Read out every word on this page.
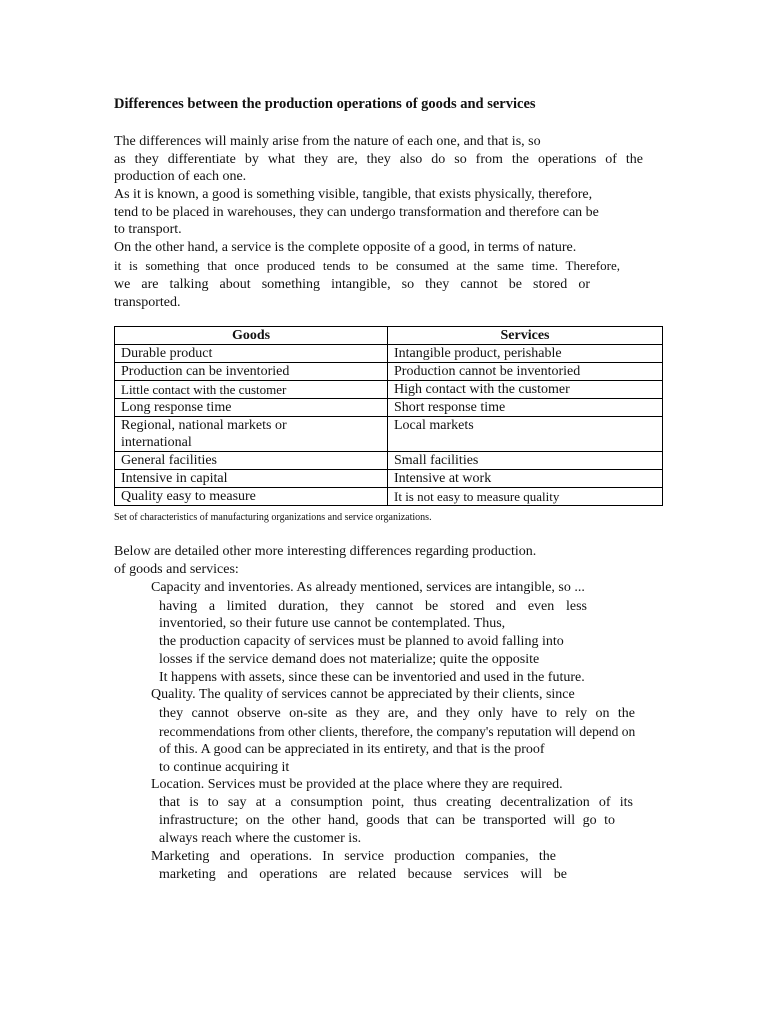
Differences between the production operations of goods and services
The differences will mainly arise from the nature of each one, and that is, so
as they differentiate by what they are, they also do so from the operations of the
production of each one.
As it is known, a good is something visible, tangible, that exists physically, therefore,
tend to be placed in warehouses, they can undergo transformation and therefore can be
to transport.
On the other hand, a service is the complete opposite of a good, in terms of nature.
it is something that once produced tends to be consumed at the same time. Therefore,
we are talking about something intangible, so they cannot be stored or
transported.
Goods	Services
Durable product	Intangible product, perishable
Production can be inventoried	Production cannot be inventoried
Little contact with the customer	High contact with the customer
Long response time	Short response time
Regional, national markets or international	Local markets
General facilities	Small facilities
Intensive in capital	Intensive at work
Quality easy to measure	It is not easy to measure quality
Set of characteristics of manufacturing organizations and service organizations.
Below are detailed other more interesting differences regarding production.
of goods and services:
Capacity and inventories. As already mentioned, services are intangible, so ...
having a limited duration, they cannot be stored and even less
inventoried, so their future use cannot be contemplated. Thus,
the production capacity of services must be planned to avoid falling into
losses if the service demand does not materialize; quite the opposite
It happens with assets, since these can be inventoried and used in the future.
Quality. The quality of services cannot be appreciated by their clients, since
they cannot observe on-site as they are, and they only have to rely on the
recommendations from other clients, therefore, the company's reputation will depend on
of this. A good can be appreciated in its entirety, and that is the proof
to continue acquiring it
Location. Services must be provided at the place where they are required.
that is to say at a consumption point, thus creating decentralization of its
infrastructure; on the other hand, goods that can be transported will go to
always reach where the customer is.
Marketing and operations. In service production companies, the
marketing and operations are related because services will be
